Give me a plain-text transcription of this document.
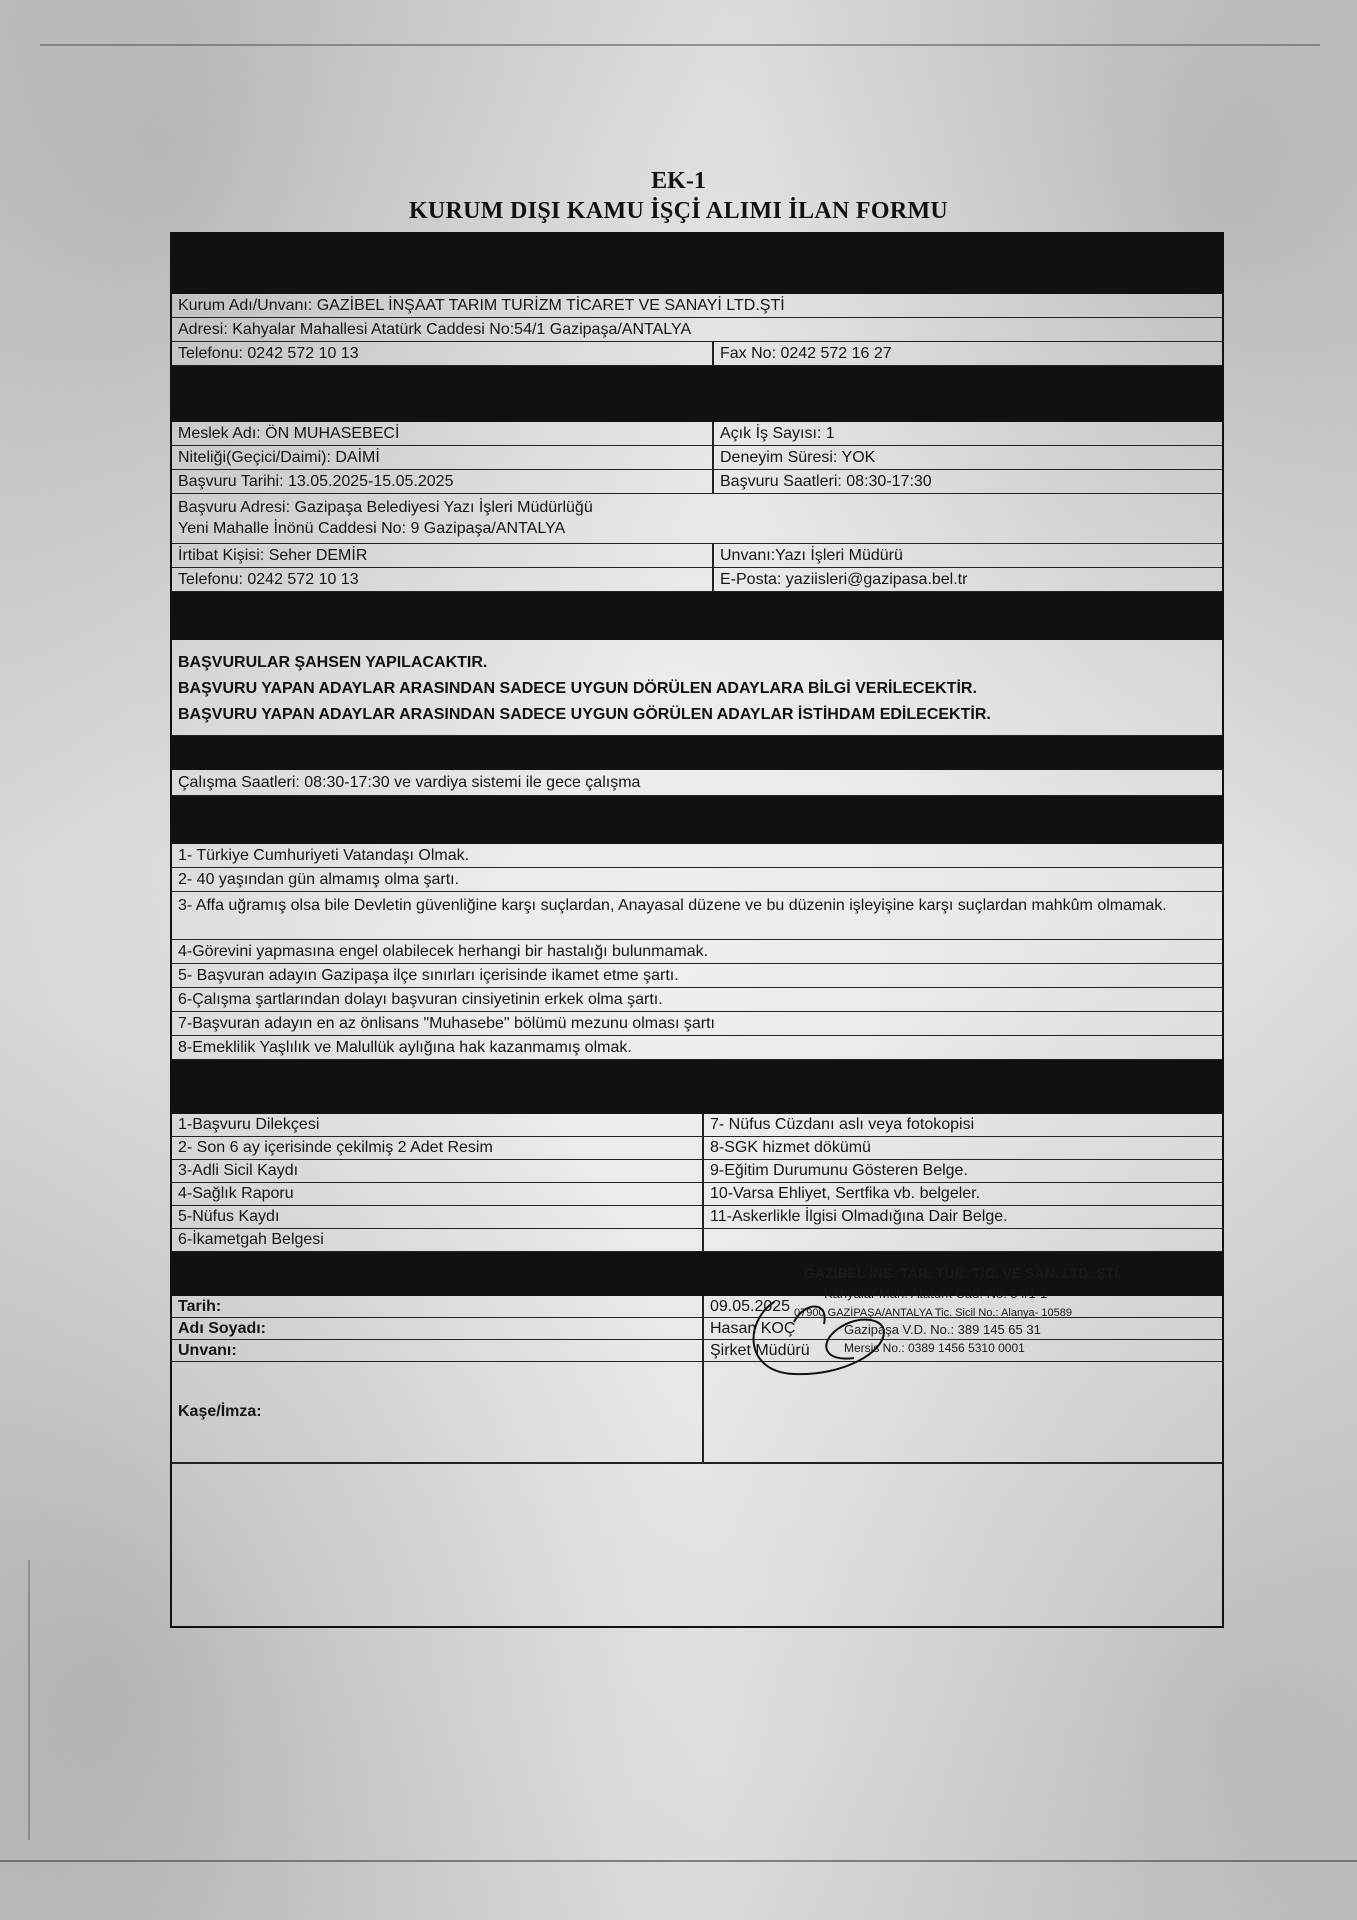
EK-1
KURUM DIŞI KAMU İŞÇİ ALIMI İLAN FORMU
Kurum Adı/Unvanı: GAZİBEL İNŞAAT TARIM TURİZM TİCARET VE SANAYİ LTD.ŞTİ
Adresi: Kahyalar Mahallesi Atatürk Caddesi No:54/1 Gazipaşa/ANTALYA
Telefonu: 0242 572 10 13	Fax No: 0242 572 16 27
Meslek Adı: ÖN MUHASEBECİ	Açık İş Sayısı: 1
Niteliği(Geçici/Daimi): DAİMİ	Deneyim Süresi: YOK
Başvuru Tarihi: 13.05.2025-15.05.2025	Başvuru Saatleri: 08:30-17:30
Başvuru Adresi: Gazipaşa Belediyesi Yazı İşleri Müdürlüğü
Yeni Mahalle İnönü Caddesi No: 9 Gazipaşa/ANTALYA
İrtibat Kişisi: Seher DEMİR	Unvanı:Yazı İşleri Müdürü
Telefonu: 0242 572 10 13	E-Posta: yaziisleri@gazipasa.bel.tr
BAŞVURULAR ŞAHSEN YAPILACAKTIR.
BAŞVURU YAPAN ADAYLAR ARASINDAN SADECE UYGUN DÖRÜLEN ADAYLARA BİLGİ VERİLECEKTİR.
BAŞVURU YAPAN ADAYLAR ARASINDAN SADECE UYGUN GÖRÜLEN ADAYLAR İSTİHDAM EDİLECEKTİR.
Çalışma Saatleri: 08:30-17:30 ve vardiya sistemi ile gece çalışma
1- Türkiye Cumhuriyeti Vatandaşı Olmak.
2- 40 yaşından gün almamış olma şartı.
3- Affa uğramış olsa bile Devletin güvenliğine karşı suçlardan, Anayasal düzene ve bu düzenin işleyişine karşı suçlardan mahkûm olmamak.
4-Görevini yapmasına engel olabilecek herhangi bir hastalığı bulunmamak.
5- Başvuran adayın Gazipaşa ilçe sınırları içerisinde ikamet etme şartı.
6-Çalışma şartlarından dolayı başvuran cinsiyetinin erkek olma şartı.
7-Başvuran adayın en az önlisans "Muhasebe" bölümü mezunu olması şartı
8-Emeklilik Yaşlılık ve Malullük aylığına hak kazanmamış olmak.
1-Başvuru Dilekçesi	7- Nüfus Cüzdanı aslı veya fotokopisi
2- Son 6 ay içerisinde çekilmiş 2 Adet Resim	8-SGK hizmet dökümü
3-Adli Sicil Kaydı	9-Eğitim Durumunu Gösteren Belge.
4-Sağlık Raporu	10-Varsa Ehliyet, Sertfika vb. belgeler.
5-Nüfus Kaydı	11-Askerlikle İlgisi Olmadığına Dair Belge.
6-İkametgah Belgesi
Tarih:	09.05.2025
Adı Soyadı:	Hasan KOÇ
Unvanı:	Şirket Müdürü
Kaşe/İmza:
GAZİBEL İNŞ. TAR. TUR. TİC. VE SAN. LTD. ŞTİ.
Kahyalar Mah. Atatürk Cad. No. 54/1-1
07900 GAZİPAŞA/ANTALYA Tic. Sicil No.: Alanya- 10589
Gazipaşa V.D. No.: 389 145 65 31
Mersis No.: 0389 1456 5310 0001
